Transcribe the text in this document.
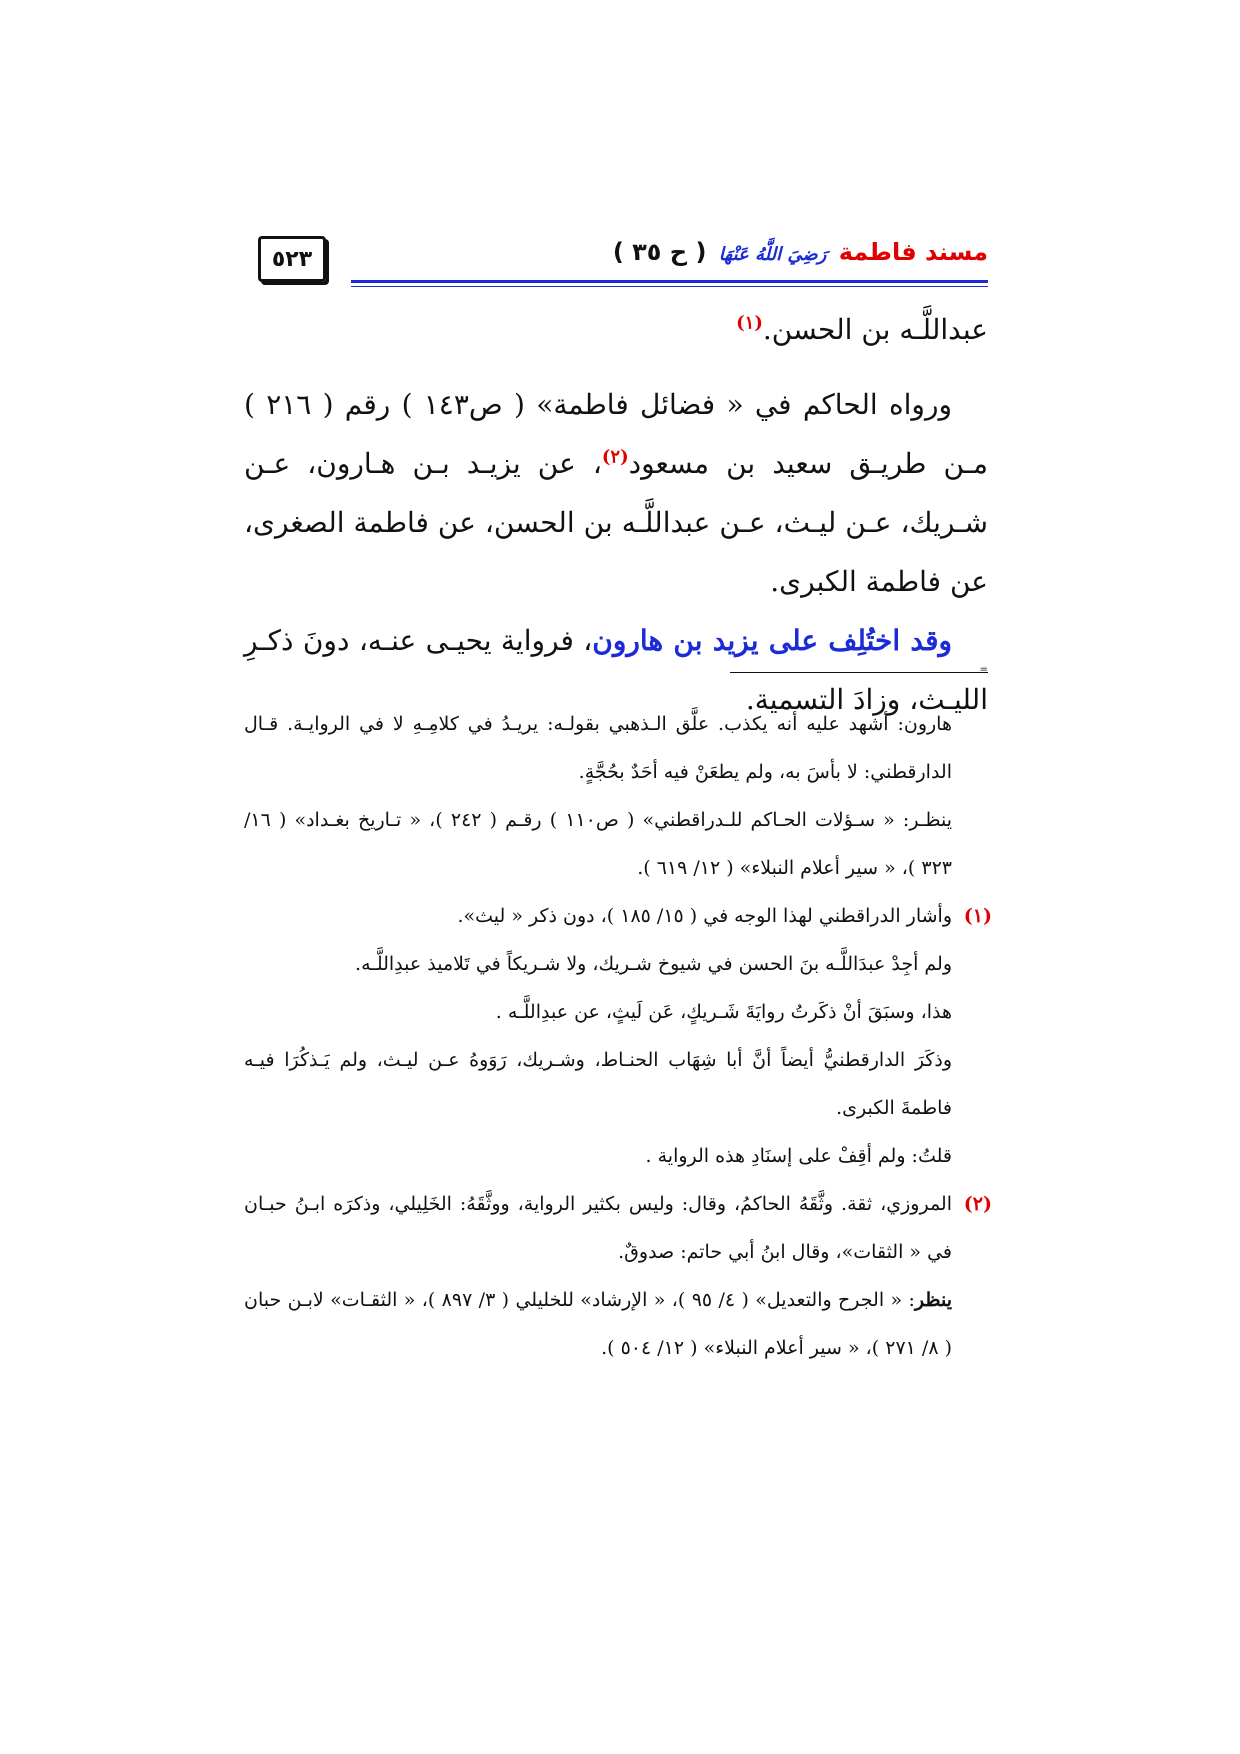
٥٢٣	مسند فاطمة رَضِيَ اللَّهُ عَنْهَا ( ح ٣٥ )

عبداللَّـه بن الحسن.$^{(١)}$

ورواه الحاكم في « فضائل فاطمة» ( ص١٤٣ ) رقم ( ٢١٦ ) مـن طريـق سعيد بن مسعود$^{(٢)}$، عن يزيـد بـن هـارون، عـن شـريك، عـن ليـث، عـن عبداللَّـه بن الحسن، عن فاطمة الصغرى، عن فاطمة الكبرى.

وقد اختُلِف على يزيد بن هارون، فرواية يحيـى عنـه، دونَ ذكـرِ الليـث، وزادَ التسمية.

=

هارون: أشهد عليه أنه يكذب. علَّق الـذهبي بقولـه: يريـدُ في كلامِـهِ لا في الروايـة. قـال الدارقطني: لا بأسَ به، ولم يطعَنْ فيه أحَدٌ بحُجَّةٍ.

ينظـر: « سـؤلات الحـاكم للـدراقطني» ( ص١١٠ ) رقـم ( ٢٤٢ )، « تـاريخ بغـداد» ( ١٦/ ٣٢٣ )، « سير أعلام النبلاء» ( ١٢/ ٦١٩ ).

(١)
وأشار الدراقطني لهذا الوجه في ( ١٥/ ١٨٥ )، دون ذكر « ليث».

ولم أجِدْ عبدَاللَّـه بنَ الحسن في شيوخ شـريك، ولا شـريكاً في تَلاميذ عبدِاللَّـه.

هذا، وسبَقَ أنْ ذكَرتُ روايَةَ شَـريكٍ، عَن لَيثٍ، عن عبدِاللَّـه .

وذكَرَ الدارقطنيُّ أيضاً أنَّ أبا شِهَاب الحنـاط، وشـريك، رَوَوهُ عـن ليـث، ولم يَـذكُرَا فيـه فاطمةَ الكبرى.

قلتُ: ولم أقِفْ على إسنَادِ هذه الرواية .

(٢)
المروزي، ثقة. وثَّقَهُ الحاكمُ، وقال: وليس بكثير الرواية، ووثَّقَهُ: الخَلِيلي، وذكرَه ابـنُ حبـان في « الثقات»، وقال ابنُ أبي حاتم: صدوقٌ.

ينظر: « الجرح والتعديل» ( ٤/ ٩٥ )، « الإرشاد» للخليلي ( ٣/ ٨٩٧ )، « الثقـات» لابـن حبان ( ٨/ ٢٧١ )، « سير أعلام النبلاء» ( ١٢/ ٥٠٤ ).
